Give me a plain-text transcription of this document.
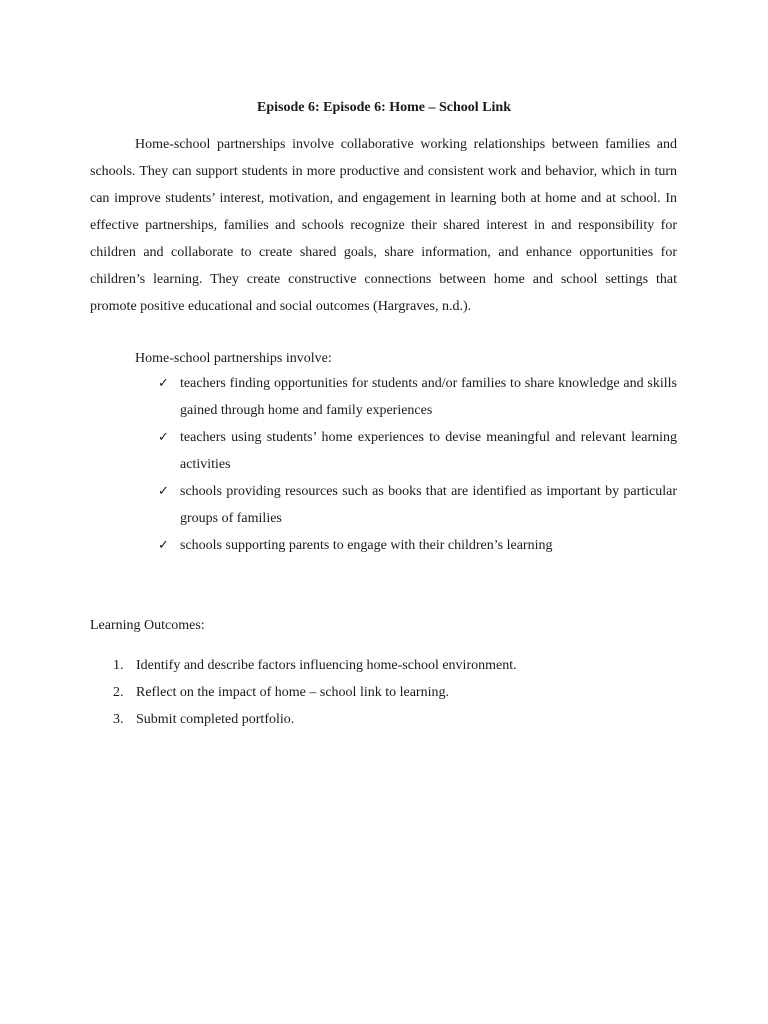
Episode 6: Episode 6: Home – School Link

Home-school partnerships involve collaborative working relationships between families and schools. They can support students in more productive and consistent work and behavior, which in turn can improve students’ interest, motivation, and engagement in learning both at home and at school. In effective partnerships, families and schools recognize their shared interest in and responsibility for children and collaborate to create shared goals, share information, and enhance opportunities for children’s learning. They create constructive connections between home and school settings that promote positive educational and social outcomes (Hargraves, n.d.).

Home-school partnerships involve:

✓ teachers finding opportunities for students and/or families to share knowledge and skills gained through home and family experiences
✓ teachers using students’ home experiences to devise meaningful and relevant learning activities
✓ schools providing resources such as books that are identified as important by particular groups of families
✓ schools supporting parents to engage with their children’s learning

Learning Outcomes:

1. Identify and describe factors influencing home-school environment.
2. Reflect on the impact of home – school link to learning.
3. Submit completed portfolio.
